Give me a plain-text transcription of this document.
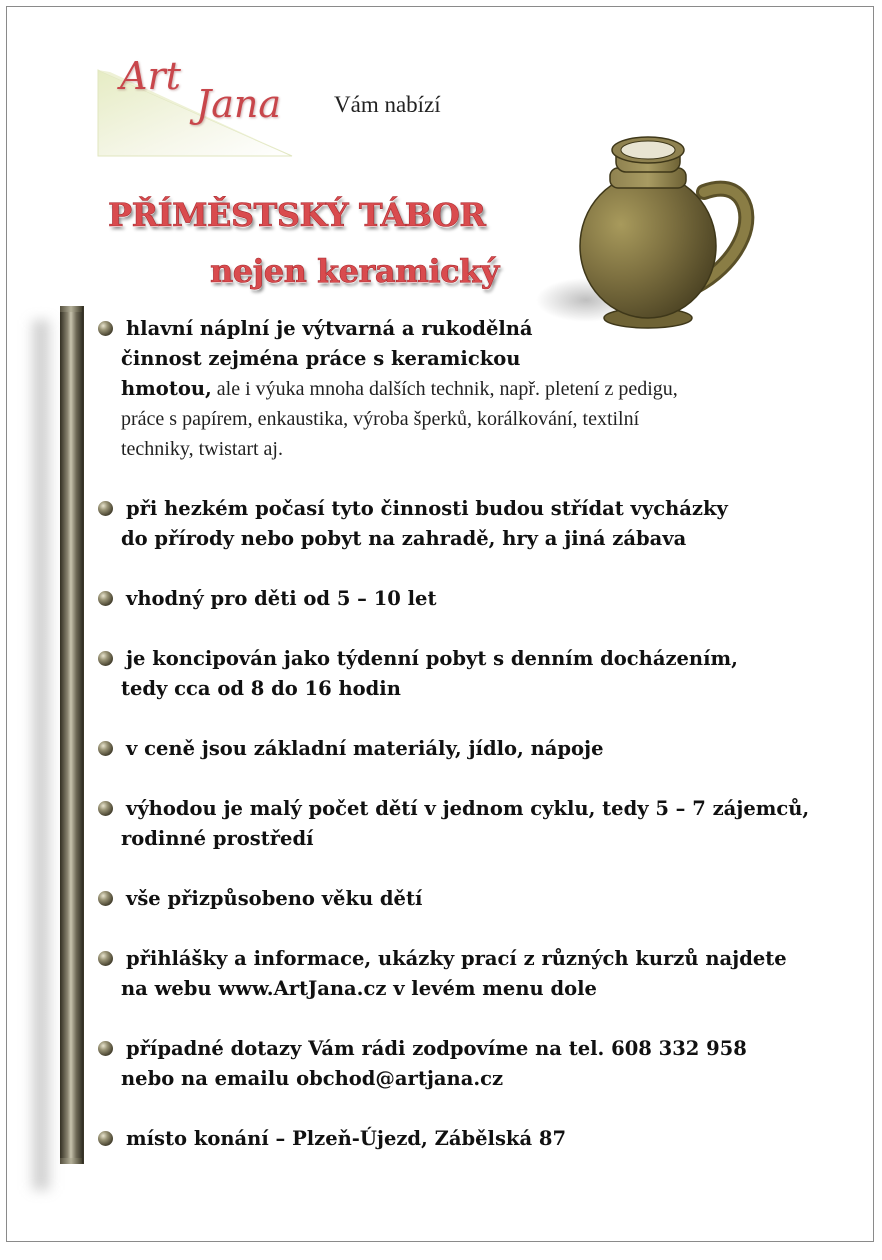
Art
Jana Vám nabízí
PŘÍMĚSTSKÝ TÁBOR
nejen keramický
hlavní náplní je výtvarná a rukodělná
činnost zejména práce s keramickou
hmotou, ale i výuka mnoha dalších technik, např. pletení z pedigu,
práce s papírem, enkaustika, výroba šperků, korálkování, textilní
techniky, twistart aj.
při hezkém počasí tyto činnosti budou střídat vycházky
do přírody nebo pobyt na zahradě, hry a jiná zábava
vhodný pro děti od 5 – 10 let
je koncipován jako týdenní pobyt s denním docházením,
tedy cca od 8 do 16 hodin
v ceně jsou základní materiály, jídlo, nápoje
výhodou je malý počet dětí v jednom cyklu, tedy 5 – 7 zájemců,
rodinné prostředí
vše přizpůsobeno věku dětí
přihlášky a informace, ukázky prací z různých kurzů najdete
na webu www.ArtJana.cz v levém menu dole
případné dotazy Vám rádi zodpovíme na tel. 608 332 958
nebo na emailu obchod@artjana.cz
místo konání – Plzeň-Újezd, Zábělská 87
